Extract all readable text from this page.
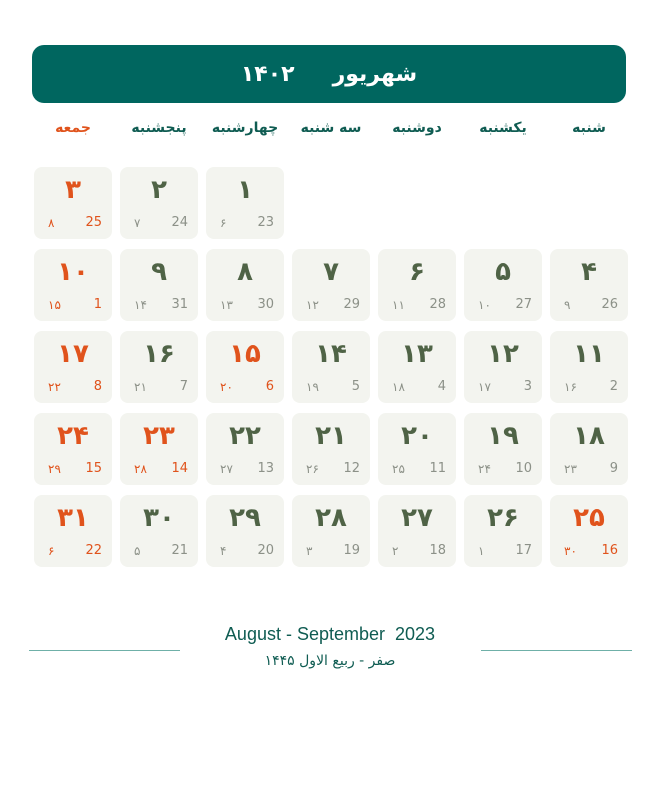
۱۴۰۲ شهریور
شنبه
یکشنبه
دوشنبه
سه شنبه
چهارشنبه
پنجشنبه
جمعه
۱
23
۶
۲
24
۷
۳
25
۸
۴
26
۹
۵
27
۱۰
۶
28
۱۱
۷
29
۱۲
۸
30
۱۳
۹
31
۱۴
۱۰
1
۱۵
۱۱
2
۱۶
۱۲
3
۱۷
۱۳
4
۱۸
۱۴
5
۱۹
۱۵
6
۲۰
۱۶
7
۲۱
۱۷
8
۲۲
۱۸
9
۲۳
۱۹
10
۲۴
۲۰
11
۲۵
۲۱
12
۲۶
۲۲
13
۲۷
۲۳
14
۲۸
۲۴
15
۲۹
۲۵
16
۳۰
۲۶
17
۱
۲۷
18
۲
۲۸
19
۳
۲۹
20
۴
۳۰
21
۵
۳۱
22
۶
August - September  2023
صفر - ربیع الاول ۱۴۴۵
